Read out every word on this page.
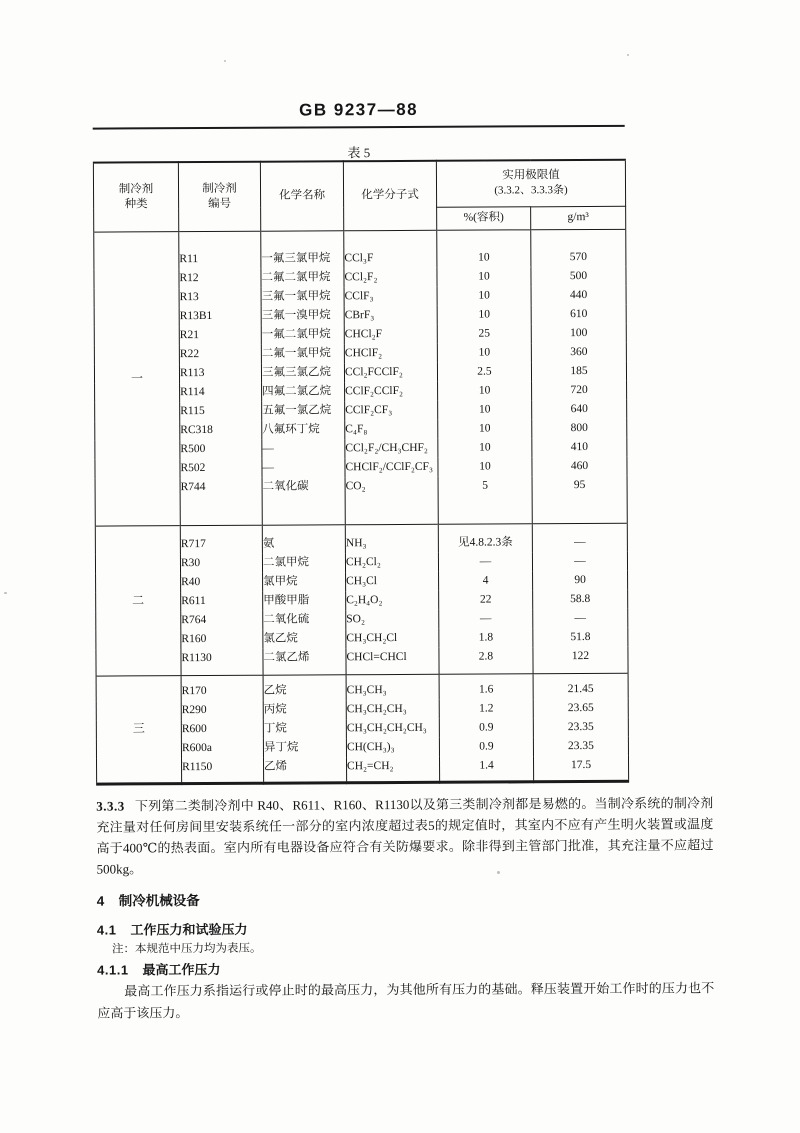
GB 9237—88
表 5
制冷剂
种类	制冷剂
编号	化学名称	化学分子式	实用极限值
(3.3.2、3.3.3条)	
				%(容积)	g/m³
一	R11	一氟三氯甲烷	CCl₃F	10	570
	R12	二氟二氯甲烷	CCl₂F₂	10	500
	R13	三氟一氯甲烷	CClF₃	10	440
	R13B1	三氟一溴甲烷	CBrF₃	10	610
	R21	一氟二氯甲烷	CHCl₂F	25	100
	R22	二氟一氯甲烷	CHClF₂	10	360
	R113	三氟三氯乙烷	CCl₂FCClF₂	2.5	185
	R114	四氟二氯乙烷	CClF₂CClF₂	10	720
	R115	五氟一氯乙烷	CClF₂CF₃	10	640
	RC318	八氟环丁烷	C₄F₈	10	800
	R500	—	CCl₂F₂/CH₃CHF₂	10	410
	R502	—	CHClF₂/CClF₂CF₃	10	460
	R744	二氧化碳	CO₂	5	95
二	R717	氨	NH₃	见4.8.2.3条	—
	R30	二氯甲烷	CH₂Cl₂	—	—
	R40	氯甲烷	CH₃Cl	4	90
	R611	甲酸甲脂	C₂H₄O₂	22	58.8
	R764	二氧化硫	SO₂	—	—
	R160	氯乙烷	CH₃CH₂Cl	1.8	51.8
	R1130	二氯乙烯	CHCl=CHCl	2.8	122
三	R170	乙烷	CH₃CH₃	1.6	21.45
	R290	丙烷	CH₃CH₂CH₃	1.2	23.65
	R600	丁烷	CH₃CH₂CH₂CH₃	0.9	23.35
	R600a	异丁烷	CH(CH₃)₃	0.9	23.35
	R1150	乙烯	CH₂=CH₂	1.4	17.5

3.3.3 下列第二类制冷剂中 R40、R611、R160、R1130以及第三类制冷剂都是易燃的。当制冷系统的制冷剂充注量对任何房间里安装系统任一部分的室内浓度超过表5的规定值时，其室内不应有产生明火装置或温度高于400℃的热表面。室内所有电器设备应符合有关防爆要求。除非得到主管部门批准，其充注量不应超过500kg。

4 制冷机械设备
4.1 工作压力和试验压力

注：本规范中压力均为表压。

4.1.1 最高工作压力

最高工作压力系指运行或停止时的最高压力，为其他所有压力的基础。释压装置开始工作时的压力也不应高于该压力。
